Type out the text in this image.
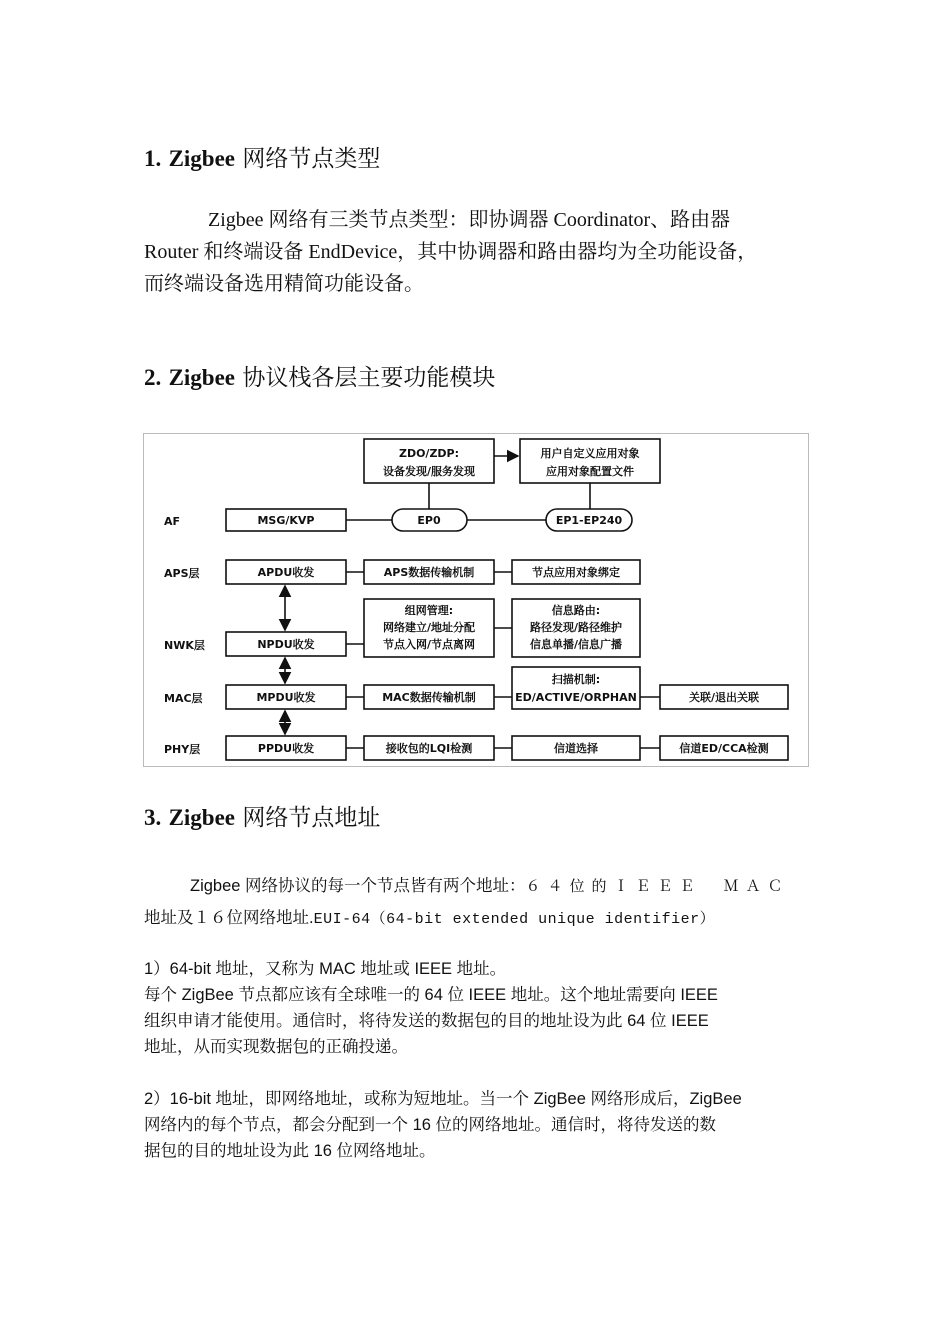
1. Zigbee 网络节点类型
Zigbee 网络有三类节点类型：即协调器 Coordinator、路由器
Router 和终端设备 EndDevice，其中协调器和路由器均为全功能设备，
而终端设备选用精简功能设备。
2. Zigbee 协议栈各层主要功能模块
AF
APS层
NWK层
MAC层
PHY层
ZDO/ZDP:
设备发现/服务发现
用户自定义应用对象
应用对象配置文件
MSG/KVP	EP0	EP1-EP240
APDU收发	APS数据传输机制	节点应用对象绑定
组网管理:
网络建立/地址分配
节点入网/节点离网
信息路由:
路径发现/路径维护
信息单播/信息广播
NPDU收发
扫描机制:
ED/ACTIVE/ORPHAN
MPDU收发	MAC数据传输机制	关联/退出关联
PPDU收发	接收包的LQI检测	信道选择	信道ED/CCA检测
3. Zigbee 网络节点地址
Zigbee 网络协议的每一个节点皆有两个地址：６４位的ＩＥＥＥ　ＭＡＣ
地址及１６位网络地址.EUI-64（64-bit extended unique identifier）
1）64-bit 地址，又称为 MAC 地址或 IEEE 地址。
每个 ZigBee 节点都应该有全球唯一的 64 位 IEEE 地址。这个地址需要向 IEEE
组织申请才能使用。通信时，将待发送的数据包的目的地址设为此 64 位 IEEE
地址，从而实现数据包的正确投递。
2）16-bit 地址，即网络地址，或称为短地址。当一个 ZigBee 网络形成后，ZigBee
网络内的每个节点，都会分配到一个 16 位的网络地址。通信时，将待发送的数
据包的目的地址设为此 16 位网络地址。
